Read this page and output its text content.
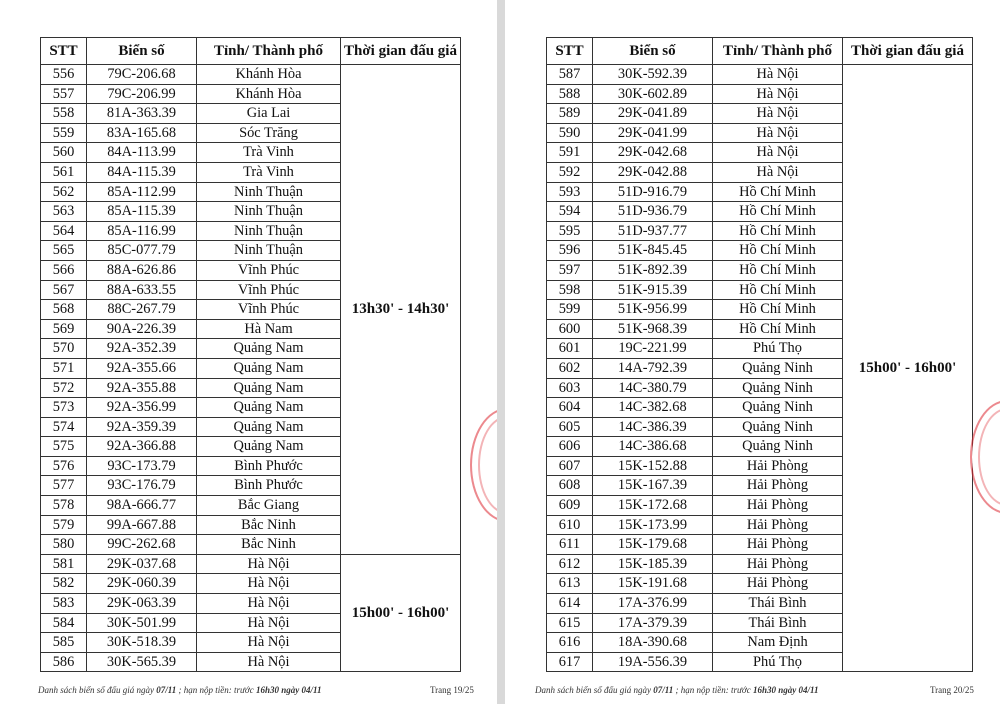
STT	Biển số	Tỉnh/ Thành phố	Thời gian đấu giá
556	79C-206.68	Khánh Hòa	13h30' - 14h30'
557	79C-206.99	Khánh Hòa	
558	81A-363.39	Gia Lai	
559	83A-165.68	Sóc Trăng	
560	84A-113.99	Trà Vinh	
561	84A-115.39	Trà Vinh	
562	85A-112.99	Ninh Thuận	
563	85A-115.39	Ninh Thuận	
564	85A-116.99	Ninh Thuận	
565	85C-077.79	Ninh Thuận	
566	88A-626.86	Vĩnh Phúc	
567	88A-633.55	Vĩnh Phúc	
568	88C-267.79	Vĩnh Phúc	
569	90A-226.39	Hà Nam	
570	92A-352.39	Quảng Nam	
571	92A-355.66	Quảng Nam	
572	92A-355.88	Quảng Nam	
573	92A-356.99	Quảng Nam	
574	92A-359.39	Quảng Nam	
575	92A-366.88	Quảng Nam	
576	93C-173.79	Bình Phước	
577	93C-176.79	Bình Phước	
578	98A-666.77	Bắc Giang	
579	99A-667.88	Bắc Ninh	
580	99C-262.68	Bắc Ninh	
581	29K-037.68	Hà Nội	15h00' - 16h00'
582	29K-060.39	Hà Nội	
583	29K-063.39	Hà Nội	
584	30K-501.99	Hà Nội	
585	30K-518.39	Hà Nội	
586	30K-565.39	Hà Nội	
Danh sách biển số đấu giá ngày 07/11 ; hạn nộp tiền: trước 16h30 ngày 04/11	Trang 19/25
STT	Biển số	Tỉnh/ Thành phố	Thời gian đấu giá
587	30K-592.39	Hà Nội	15h00' - 16h00'
588	30K-602.89	Hà Nội	
589	29K-041.89	Hà Nội	
590	29K-041.99	Hà Nội	
591	29K-042.68	Hà Nội	
592	29K-042.88	Hà Nội	
593	51D-916.79	Hồ Chí Minh	
594	51D-936.79	Hồ Chí Minh	
595	51D-937.77	Hồ Chí Minh	
596	51K-845.45	Hồ Chí Minh	
597	51K-892.39	Hồ Chí Minh	
598	51K-915.39	Hồ Chí Minh	
599	51K-956.99	Hồ Chí Minh	
600	51K-968.39	Hồ Chí Minh	
601	19C-221.99	Phú Thọ	
602	14A-792.39	Quảng Ninh	
603	14C-380.79	Quảng Ninh	
604	14C-382.68	Quảng Ninh	
605	14C-386.39	Quảng Ninh	
606	14C-386.68	Quảng Ninh	
607	15K-152.88	Hải Phòng	
608	15K-167.39	Hải Phòng	
609	15K-172.68	Hải Phòng	
610	15K-173.99	Hải Phòng	
611	15K-179.68	Hải Phòng	
612	15K-185.39	Hải Phòng	
613	15K-191.68	Hải Phòng	
614	17A-376.99	Thái Bình	
615	17A-379.39	Thái Bình	
616	18A-390.68	Nam Định	
617	19A-556.39	Phú Thọ	
Danh sách biển số đấu giá ngày 07/11 ; hạn nộp tiền: trước 16h30 ngày 04/11	Trang 20/25
